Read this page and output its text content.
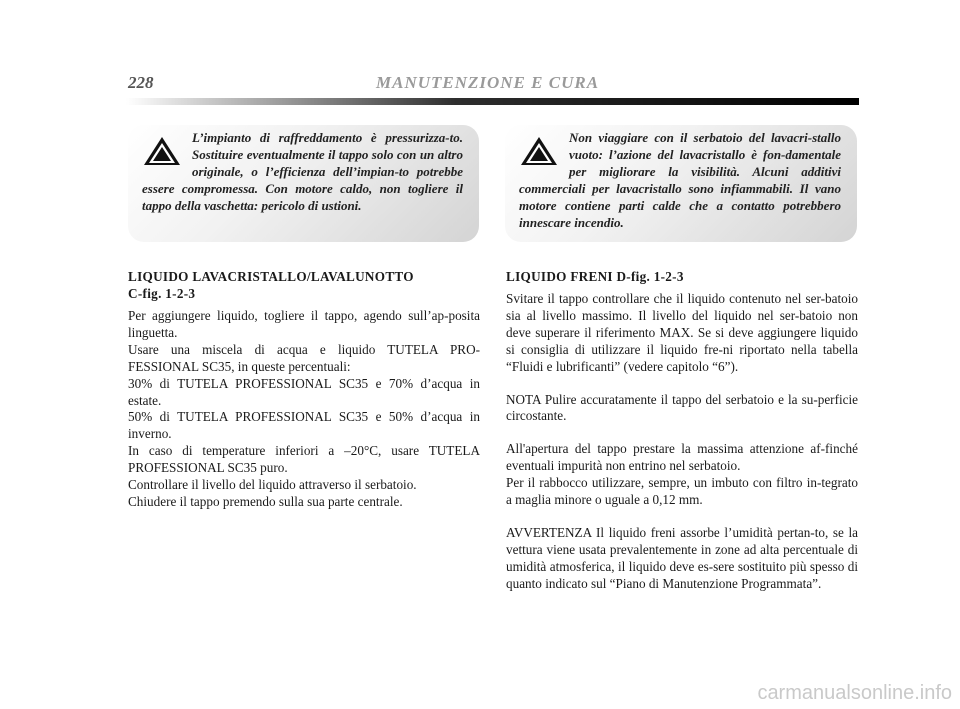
228	MANUTENZIONE E CURA

L’impianto di raffreddamento è pressurizza-to. Sostituire eventualmente il tappo solo con un altro originale, o l’efficienza dell’impian-to potrebbe essere compromessa. Con motore caldo, non togliere il tappo della vaschetta: pericolo di ustioni.

Non viaggiare con il serbatoio del lavacri-stallo vuoto: l’azione del lavacristallo è fon-damentale per migliorare la visibilità. Alcuni additivi commerciali per lavacristallo sono infiammabili. Il vano motore contiene parti calde che a contatto potrebbero innescare incendio.

LIQUIDO LAVACRISTALLO/LAVALUNOTTO
C-fig. 1-2-3

Per aggiungere liquido, togliere il tappo, agendo sull’ap-posita linguetta.

Usare una miscela di acqua e liquido TUTELA PRO-FESSIONAL SC35, in queste percentuali:

30% di TUTELA PROFESSIONAL SC35 e 70% d’acqua in estate.

50% di TUTELA PROFESSIONAL SC35 e 50% d’acqua in inverno.

In caso di temperature inferiori a –20°C, usare TUTELA PROFESSIONAL SC35 puro.

Controllare il livello del liquido attraverso il serbatoio.

Chiudere il tappo premendo sulla sua parte centrale.

LIQUIDO FRENI D-fig. 1-2-3

Svitare il tappo controllare che il liquido contenuto nel ser-batoio sia al livello massimo. Il livello del liquido nel ser-batoio non deve superare il riferimento MAX. Se si deve aggiungere liquido si consiglia di utilizzare il liquido fre-ni riportato nella tabella “Fluidi e lubrificanti” (vedere capitolo “6”).

NOTA Pulire accuratamente il tappo del serbatoio e la su-perficie circostante.

All'apertura del tappo prestare la massima attenzione af-finché eventuali impurità non entrino nel serbatoio.

Per il rabbocco utilizzare, sempre, un imbuto con filtro in-tegrato a maglia minore o uguale a 0,12 mm.

AVVERTENZA Il liquido freni assorbe l’umidità pertan-to, se la vettura viene usata prevalentemente in zone ad alta percentuale di umidità atmosferica, il liquido deve es-sere sostituito più spesso di quanto indicato sul “Piano di Manutenzione Programmata”.

carmanualsonline.info
